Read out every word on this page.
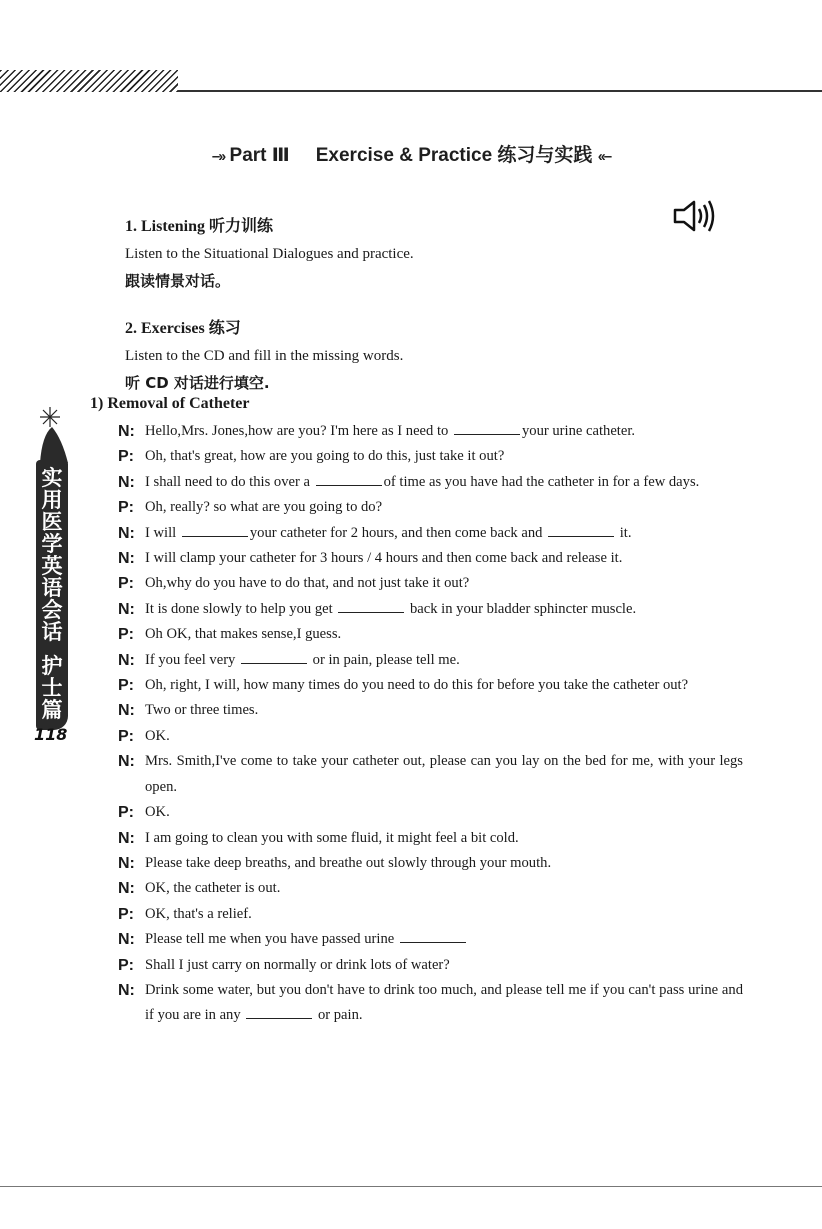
–›› Part Ⅲ Exercise & Practice 练习与实践 ‹‹–
1. Listening 听力训练
Listen to the Situational Dialogues and practice.
跟读情景对话。
2. Exercises 练习
Listen to the CD and fill in the missing words.
听 CD 对话进行填空.
实用医学英语会话
护士篇
118
1) Removal of Catheter
N: Hello,Mrs. Jones,how are you? I'm here as I need to	your urine catheter.
P: Oh, that's great, how are you going to do this, just take it out?
N: I shall need to do this over a	of time as you have had the catheter in for a few days.
P: Oh, really? so what are you going to do?
N: I will	your catheter for 2 hours, and then come back and	it.
N: I will clamp your catheter for 3 hours / 4 hours and then come back and release it.
P: Oh,why do you have to do that, and not just take it out?
N: It is done slowly to help you get	back in your bladder sphincter muscle.
P: Oh OK, that makes sense,I guess.
N: If you feel very	or in pain, please tell me.
P: Oh, right, I will, how many times do you need to do this for before you take the catheter out?
N: Two or three times.
P: OK.
N: Mrs. Smith,I've come to take your catheter out, please can you lay on the bed for me, with your legs open.
P: OK.
N: I am going to clean you with some fluid, it might feel a bit cold.
N: Please take deep breaths, and breathe out slowly through your mouth.
N: OK, the catheter is out.
P: OK, that's a relief.
N: Please tell me when you have passed urine
P: Shall I just carry on normally or drink lots of water?
N: Drink some water, but you don't have to drink too much, and please tell me if you can't pass urine and if you are in any	or pain.
